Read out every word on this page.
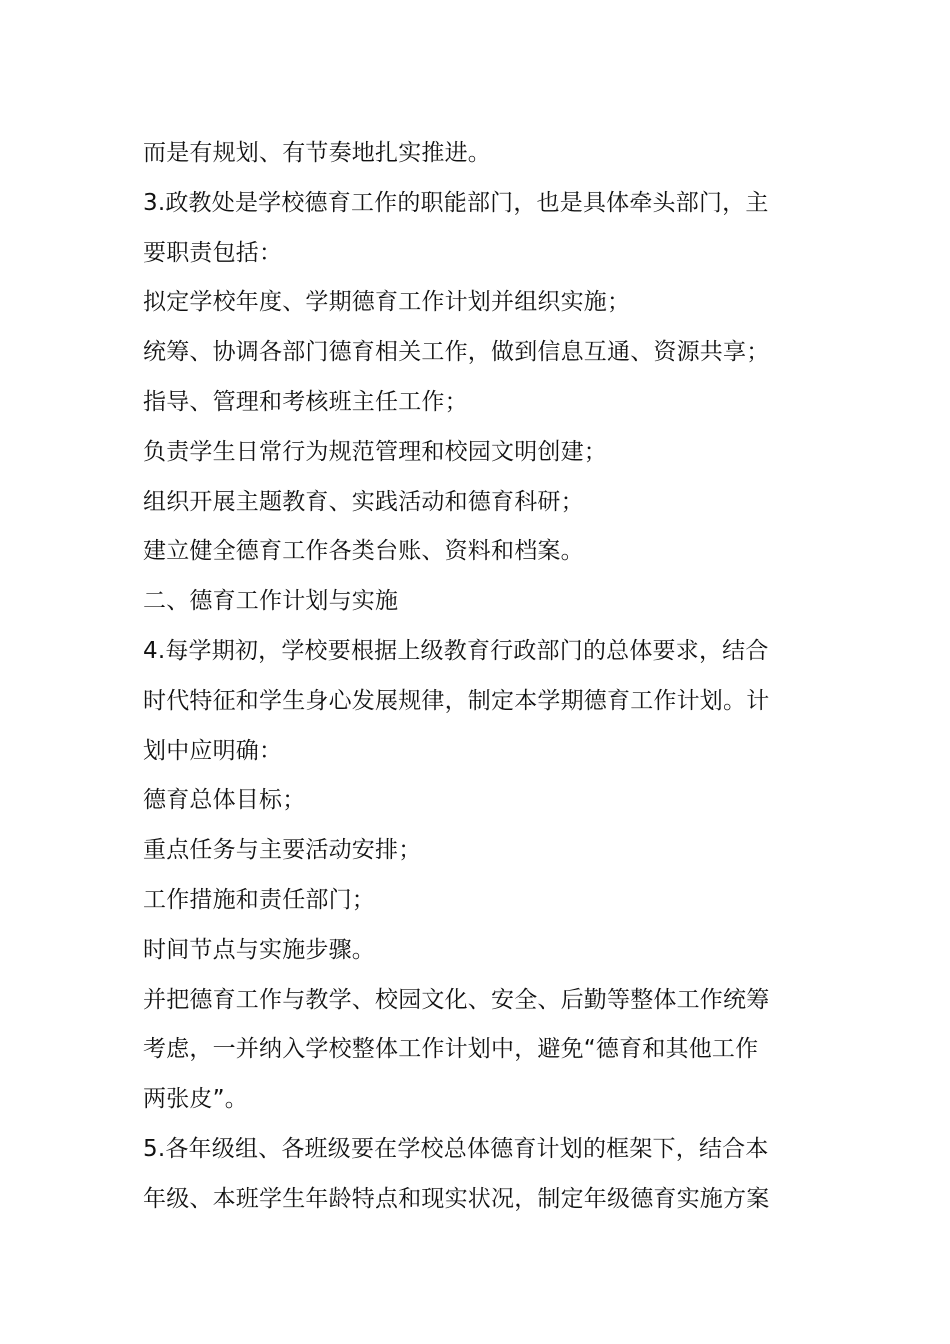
而是有规划、有节奏地扎实推进。
3.政教处是学校德育工作的职能部门，也是具体牵头部门，主
要职责包括：
拟定学校年度、学期德育工作计划并组织实施；
统筹、协调各部门德育相关工作，做到信息互通、资源共享；
指导、管理和考核班主任工作；
负责学生日常行为规范管理和校园文明创建；
组织开展主题教育、实践活动和德育科研；
建立健全德育工作各类台账、资料和档案。
二、德育工作计划与实施
4.每学期初，学校要根据上级教育行政部门的总体要求，结合
时代特征和学生身心发展规律，制定本学期德育工作计划。计
划中应明确：
德育总体目标；
重点任务与主要活动安排；
工作措施和责任部门；
时间节点与实施步骤。
并把德育工作与教学、校园文化、安全、后勤等整体工作统筹
考虑，一并纳入学校整体工作计划中，避免“德育和其他工作
两张皮”。
5.各年级组、各班级要在学校总体德育计划的框架下，结合本
年级、本班学生年龄特点和现实状况，制定年级德育实施方案
